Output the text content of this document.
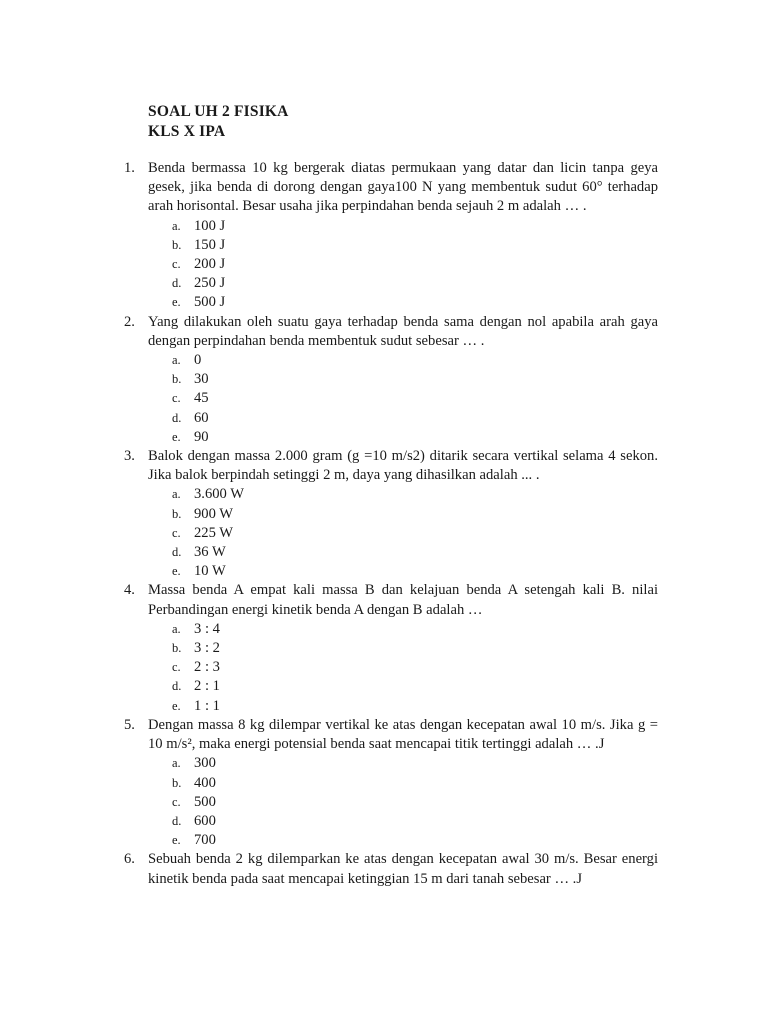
SOAL UH 2 FISIKA
KLS X IPA
1. Benda bermassa 10 kg bergerak diatas permukaan yang datar dan licin tanpa geya gesek, jika benda di dorong dengan gaya100 N yang membentuk sudut 60° terhadap arah horisontal. Besar usaha jika perpindahan benda sejauh 2 m adalah … .

a. 100 J
b. 150 J
c. 200 J
d. 250 J
e. 500 J
2. Yang dilakukan oleh suatu gaya terhadap benda sama dengan nol apabila arah gaya dengan perpindahan benda membentuk sudut sebesar … .

a. 0
b. 30
c. 45
d. 60
e. 90
3. Balok dengan massa 2.000 gram (g =10 m/s2) ditarik secara vertikal selama 4 sekon. Jika balok berpindah setinggi 2 m, daya yang dihasilkan adalah ... .

a. 3.600 W
b. 900 W
c. 225 W
d. 36 W
e. 10 W
4. Massa benda A empat kali massa B dan kelajuan benda A setengah kali B. nilai Perbandingan energi kinetik benda A dengan B adalah …

a. 3 : 4
b. 3 : 2
c. 2 : 3
d. 2 : 1
e. 1 : 1
5. Dengan massa 8 kg dilempar vertikal ke atas dengan kecepatan awal 10 m/s. Jika g = 10 m/s², maka energi potensial benda saat mencapai titik tertinggi adalah … .J

a. 300
b. 400
c. 500
d. 600
e. 700
6. Sebuah benda 2 kg dilemparkan ke atas dengan kecepatan awal 30 m/s. Besar energi kinetik benda pada saat mencapai ketinggian 15 m dari tanah sebesar … .J
